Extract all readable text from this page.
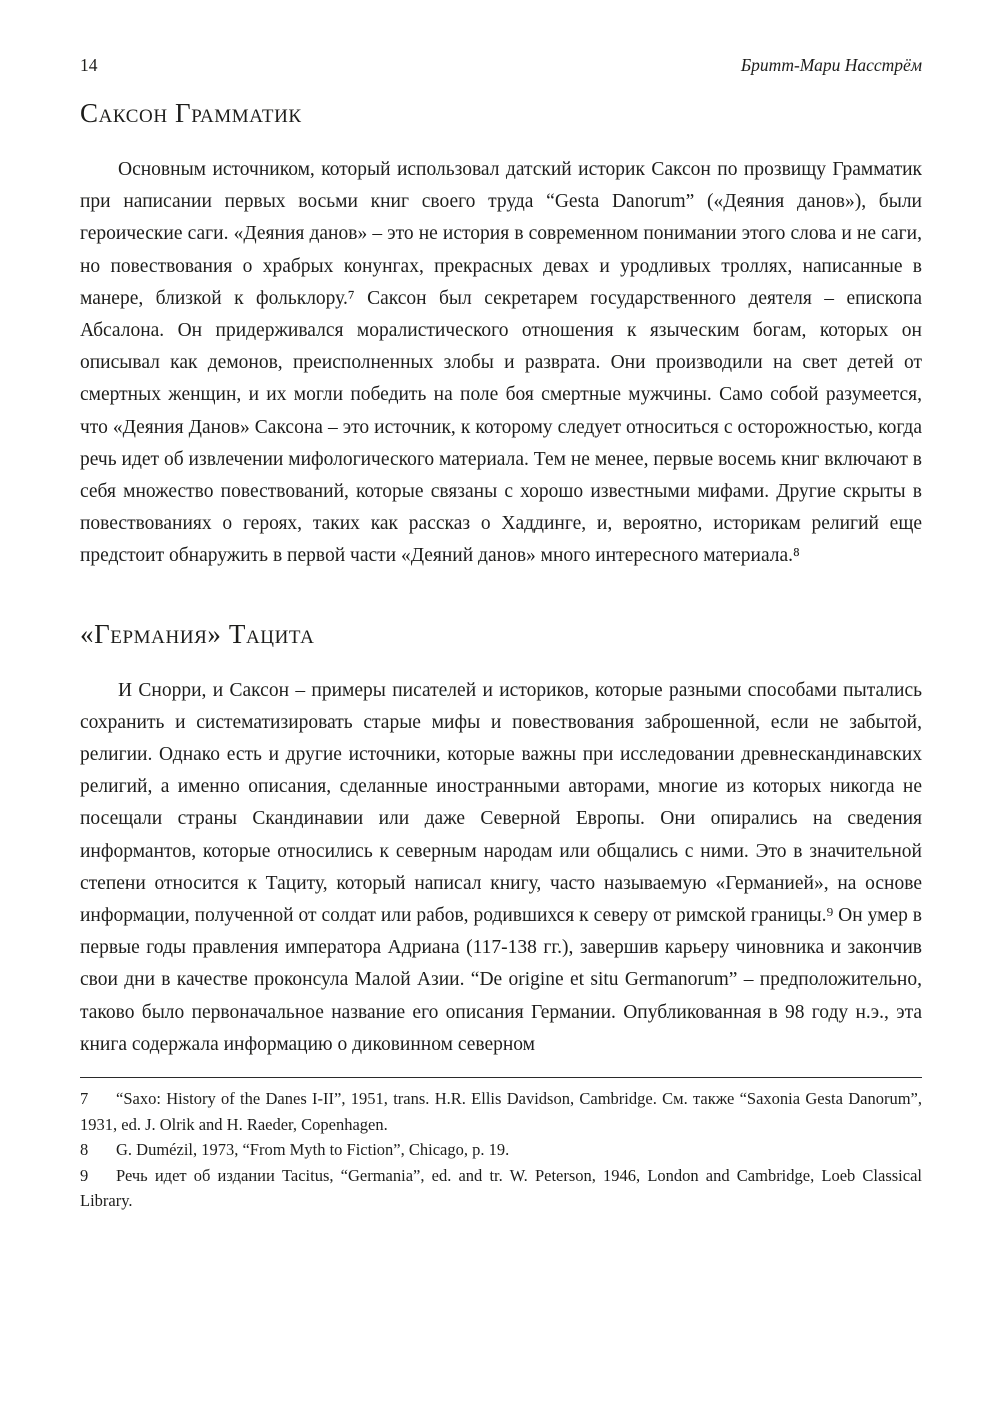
14	Бритт-Мари Насстрём
Саксон Грамматик

Основным источником, который использовал датский историк Саксон по прозвищу Грамматик при написании первых восьми книг своего труда “Gesta Danorum” («Деяния данов»), были героические саги. «Деяния данов» – это не история в современном понимании этого слова и не саги, но повествования о храбрых конунгах, прекрасных девах и уродливых троллях, написанные в манере, близкой к фольклору.⁷ Саксон был секретарем государственного деятеля – епископа Абсалона. Он придерживался моралистического отношения к языческим богам, которых он описывал как демонов, преисполненных злобы и разврата. Они производили на свет детей от смертных женщин, и их могли победить на поле боя смертные мужчины. Само собой разумеется, что «Деяния Данов» Саксона – это источник, к которому следует относиться с осторожностью, когда речь идет об извлечении мифологического материала. Тем не менее, первые восемь книг включают в себя множество повествований, которые связаны с хорошо известными мифами. Другие скрыты в повествованиях о героях, таких как рассказ о Хаддинге, и, вероятно, историкам религий еще предстоит обнаружить в первой части «Деяний данов» много интересного материала.⁸

«Германия» Тацита

И Снорри, и Саксон – примеры писателей и историков, которые разными способами пытались сохранить и систематизировать старые мифы и повествования заброшенной, если не забытой, религии. Однако есть и другие источники, которые важны при исследовании древнескандинавских религий, а именно описания, сделанные иностранными авторами, многие из которых никогда не посещали страны Скандинавии или даже Северной Европы. Они опирались на сведения информантов, которые относились к северным народам или общались с ними. Это в значительной степени относится к Тациту, который написал книгу, часто называемую «Германией», на основе информации, полученной от солдат или рабов, родившихся к северу от римской границы.⁹ Он умер в первые годы правления императора Адриана (117-138 гг.), завершив карьеру чиновника и закончив свои дни в качестве проконсула Малой Азии. “De origine et situ Germanorum” – предположительно, таково было первоначальное название его описания Германии. Опубликованная в 98 году н.э., эта книга содержала информацию о диковинном северном

7 “Saxo: History of the Danes I-II”, 1951, trans. H.R. Ellis Davidson, Cambridge. См. также “Saxonia Gesta Danorum”, 1931, ed. J. Olrik and H. Raeder, Copenhagen.

8 G. Dumézil, 1973, “From Myth to Fiction”, Chicago, p. 19.

9 Речь идет об издании Tacitus, “Germania”, ed. and tr. W. Peterson, 1946, London and Cambridge, Loeb Classical Library.
